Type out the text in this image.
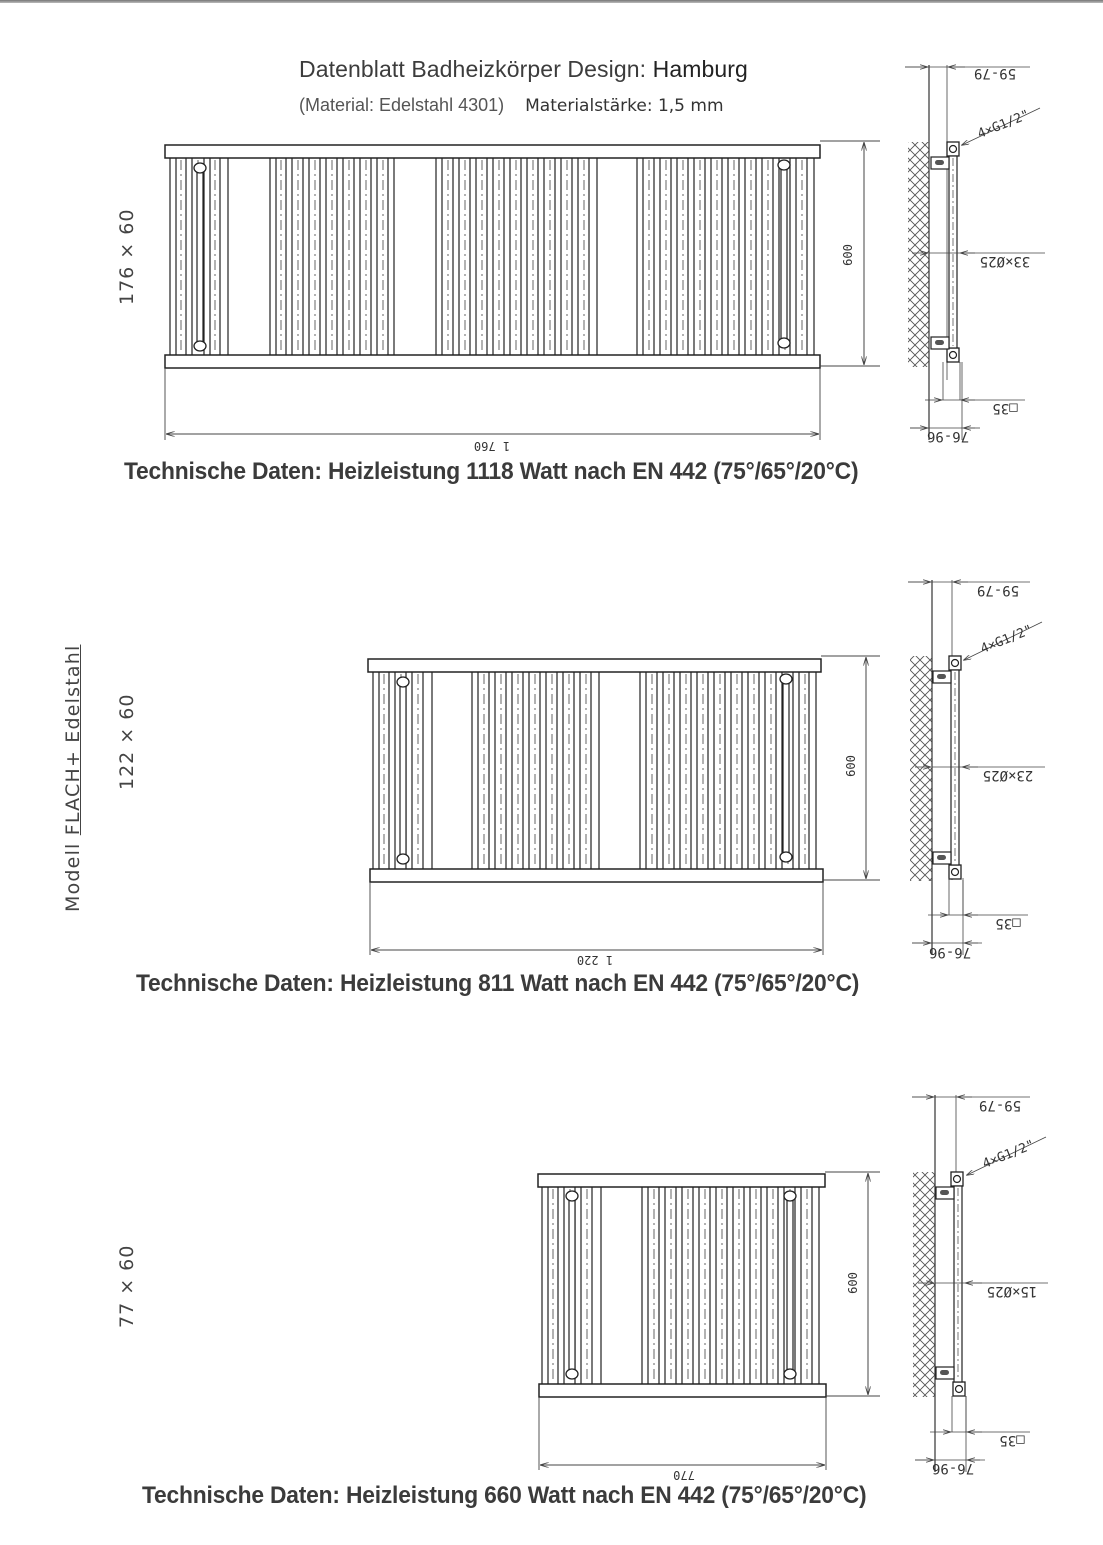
Datenblatt Badheizkörper Design: Hamburg
(Material: Edelstahl 4301) Materialstärke: 1,5 mm
Modell FLACH+ Edelstahl
176 × 60
122 × 60
77 × 60
Technische Daten: Heizleistung 1118 Watt nach EN 442 (75°/65°/20°C)
Technische Daten: Heizleistung 811 Watt nach EN 442 (75°/65°/20°C)
Technische Daten: Heizleistung 660 Watt nach EN 442 (75°/65°/20°C)
1 760
600
59-79
4×G1/2"
33×Ø25
□35
76-96
1 220
600
59-79
4×G1/2"
23×Ø25
□35
76-96
770
600
59-79
4×G1/2"
15×Ø25
□35
76-96
